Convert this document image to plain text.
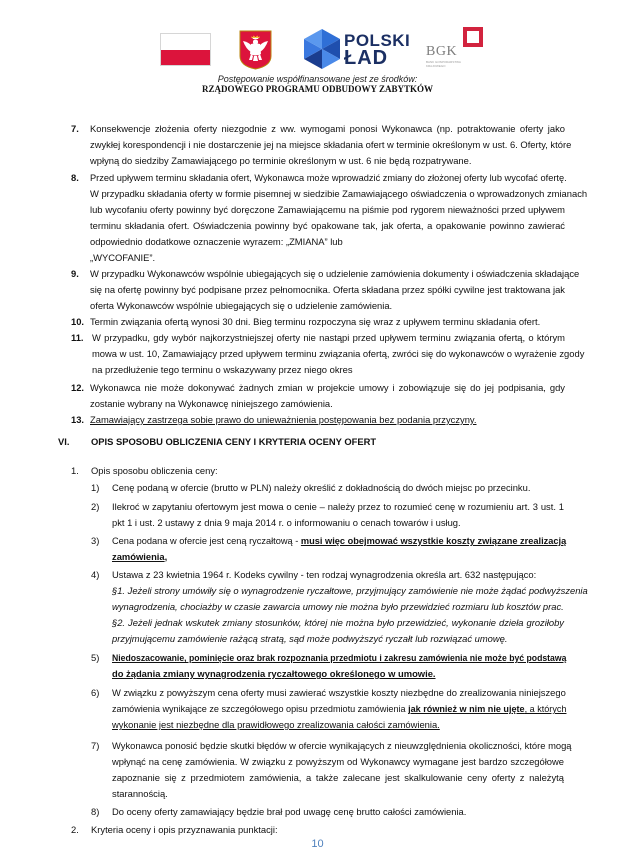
POLSKI
ŁAD	BGK
BANK GOSPODARSTWA KRAJOWEGO
Postępowanie współfinansowane jest ze środków:
RZĄDOWEGO PROGRAMU ODBUDOWY ZABYTKÓW
7. Konsekwencje złożenia oferty niezgodnie z ww. wymogami ponosi Wykonawca (np. potraktowanie oferty jako
zwykłej korespondencji i nie dostarczenie jej na miejsce składania ofert w terminie określonym w ust. 6. Oferty, które
wpłyną do siedziby Zamawiającego po terminie określonym w ust. 6 nie będą rozpatrywane.
8. Przed upływem terminu składania ofert, Wykonawca może wprowadzić zmiany do złożonej oferty lub wycofać ofertę.
W przypadku składania oferty w formie pisemnej w siedzibie Zamawiającego oświadczenia o wprowadzonych zmianach
lub wycofaniu oferty powinny być doręczone Zamawiającemu na piśmie pod rygorem nieważności przed upływem
terminu składania ofert. Oświadczenia powinny być opakowane tak, jak oferta, a opakowanie powinno zawierać
odpowiednio dodatkowe oznaczenie wyrazem: „ZMIANA” lub
„WYCOFANIE”.
9. W przypadku Wykonawców wspólnie ubiegających się o udzielenie zamówienia dokumenty i oświadczenia składające
się na ofertę powinny być podpisane przez pełnomocnika. Oferta składana przez spółki cywilne jest traktowana jak
oferta Wykonawców wspólnie ubiegających się o udzielenie zamówienia.
10. Termin związania ofertą wynosi 30 dni. Bieg terminu rozpoczyna się wraz z upływem terminu składania ofert.
11. W przypadku, gdy wybór najkorzystniejszej oferty nie nastąpi przed upływem terminu związania ofertą, o którym
mowa w ust. 10, Zamawiający przed upływem terminu związania ofertą, zwróci się do wykonawców o wyrażenie zgody
na przedłużenie tego terminu o wskazywany przez niego okres
12. Wykonawca nie może dokonywać żadnych zmian w projekcie umowy i zobowiązuje się do jej podpisania, gdy
zostanie wybrany na Wykonawcę niniejszego zamówienia.
13. Zamawiający zastrzega sobie prawo do unieważnienia postępowania bez podania przyczyny.
VI. OPIS SPOSOBU OBLICZENIA CENY I KRYTERIA OCENY OFERT
1. Opis sposobu obliczenia ceny:
1) Cenę podaną w ofercie (brutto w PLN) należy określić z dokładnością do dwóch miejsc po przecinku.
2) Ilekroć w zapytaniu ofertowym jest mowa o cenie – należy przez to rozumieć cenę w rozumieniu art. 3 ust. 1
pkt 1 i ust. 2 ustawy z dnia 9 maja 2014 r. o informowaniu o cenach towarów i usług.
3) Cena podana w ofercie jest ceną ryczałtową - musi więc obejmować wszystkie koszty związane zrealizacją
zamówienia,
4) Ustawa z 23 kwietnia 1964 r. Kodeks cywilny - ten rodzaj wynagrodzenia określa art. 632 następująco:
§1. Jeżeli strony umówiły się o wynagrodzenie ryczałtowe, przyjmujący zamówienie nie może żądać podwyższenia
wynagrodzenia, chociażby w czasie zawarcia umowy nie można było przewidzieć rozmiaru lub kosztów prac.
§2. Jeżeli jednak wskutek zmiany stosunków, której nie można było przewidzieć, wykonanie dzieła groziłoby
przyjmującemu zamówienie rażącą stratą, sąd może podwyższyć ryczałt lub rozwiązać umowę.
5) Niedoszacowanie, pominięcie oraz brak rozpoznania przedmiotu i zakresu zamówienia nie może być podstawą
do żądania zmiany wynagrodzenia ryczałtowego określonego w umowie.
6) W związku z powyższym cena oferty musi zawierać wszystkie koszty niezbędne do zrealizowania niniejszego
zamówienia wynikające ze szczegółowego opisu przedmiotu zamówienia jak również w nim nie ujęte, a których
wykonanie jest niezbędne dla prawidłowego zrealizowania całości zamówienia.
7) Wykonawca ponosić będzie skutki błędów w ofercie wynikających z nieuwzględnienia okoliczności, które mogą
wpłynąć na cenę zamówienia. W związku z powyższym od Wykonawcy wymagane jest bardzo szczegółowe
zapoznanie się z przedmiotem zamówienia, a także zalecane jest skalkulowanie ceny oferty z należytą
starannością.
8) Do oceny oferty zamawiający będzie brał pod uwagę cenę brutto całości zamówienia.
2. Kryteria oceny i opis przyznawania punktacji:
10
